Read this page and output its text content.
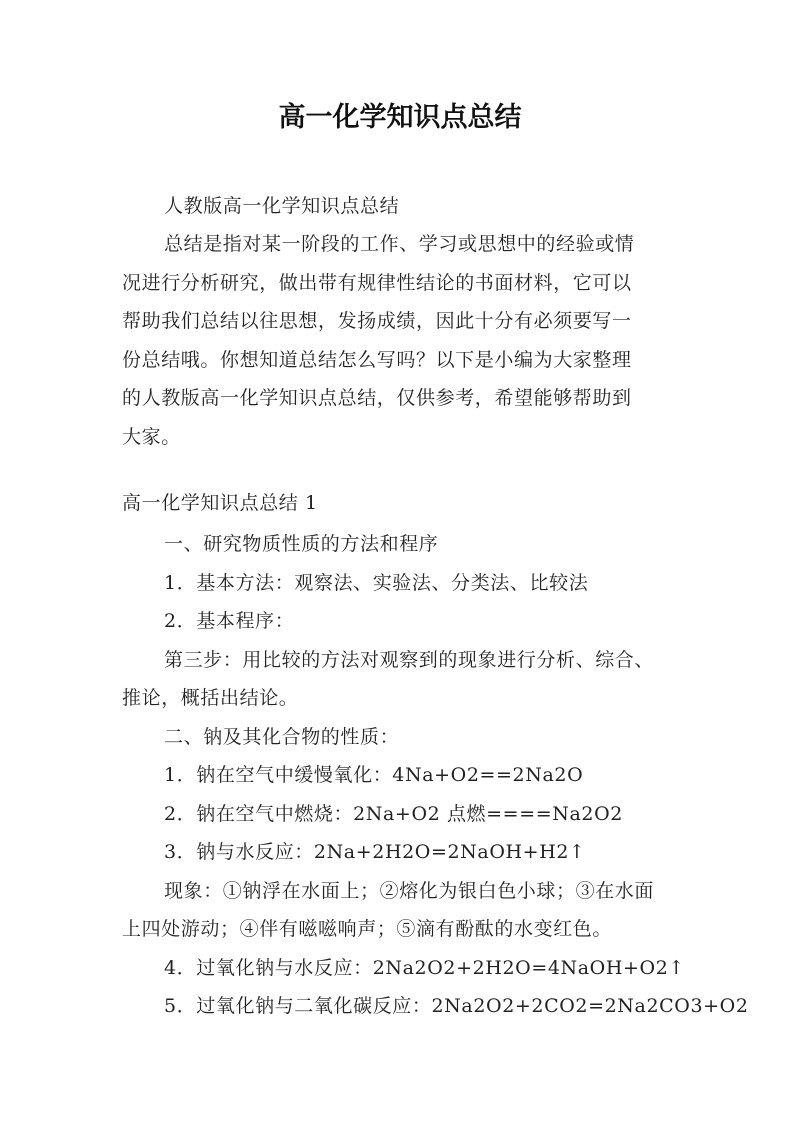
高一化学知识点总结

人教版高一化学知识点总结

总结是指对某一阶段的工作、学习或思想中的经验或情
况进行分析研究，做出带有规律性结论的书面材料，它可以
帮助我们总结以往思想，发扬成绩，因此十分有必须要写一
份总结哦。你想知道总结怎么写吗？以下是小编为大家整理
的人教版高一化学知识点总结，仅供参考，希望能够帮助到
大家。

高一化学知识点总结 1

一、研究物质性质的方法和程序
1．基本方法：观察法、实验法、分类法、比较法
2．基本程序：
第三步：用比较的方法对观察到的现象进行分析、综合、
推论，概括出结论。
二、钠及其化合物的性质：
1．钠在空气中缓慢氧化：4Na+O2==2Na2O
2．钠在空气中燃烧：2Na+O2 点燃====Na2O2
3．钠与水反应：2Na+2H2O=2NaOH+H2↑
现象：①钠浮在水面上；②熔化为银白色小球；③在水面
上四处游动；④伴有嗞嗞响声；⑤滴有酚酞的水变红色。
4．过氧化钠与水反应：2Na2O2+2H2O=4NaOH+O2↑
5．过氧化钠与二氧化碳反应：2Na2O2+2CO2=2Na2CO3+O2
